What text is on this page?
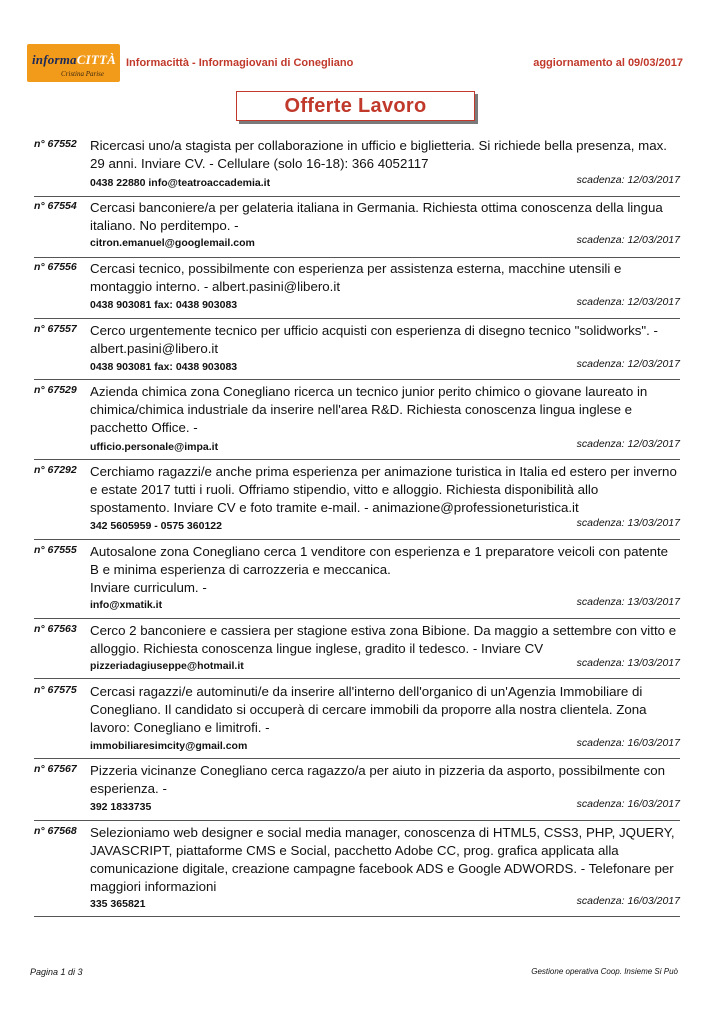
informaCITTÀ
Cristina Parise
Informacittà - Informagiovani di Conegliano	aggiornamento al 09/03/2017
Offerte Lavoro
n° 67552 Ricercasi uno/a stagista per collaborazione in ufficio e biglietteria. Si richiede bella presenza, max. 29 anni. Inviare CV. - Cellulare (solo 16-18): 366 4052117
0438 22880 info@teatroaccademia.it	scadenza: 12/03/2017
n° 67554 Cercasi banconiere/a per gelateria italiana in Germania. Richiesta ottima conoscenza della lingua italiano. No perditempo. -
citron.emanuel@googlemail.com	scadenza: 12/03/2017
n° 67556 Cercasi tecnico, possibilmente con esperienza per assistenza esterna, macchine utensili e montaggio interno. - albert.pasini@libero.it
0438 903081 fax: 0438 903083	scadenza: 12/03/2017
n° 67557 Cerco urgentemente tecnico per ufficio acquisti con esperienza di disegno tecnico "solidworks". - albert.pasini@libero.it
0438 903081 fax: 0438 903083	scadenza: 12/03/2017
n° 67529 Azienda chimica zona Conegliano ricerca un tecnico junior perito chimico o giovane laureato in chimica/chimica industriale da inserire nell'area R&D. Richiesta conoscenza lingua inglese e pacchetto Office. -
ufficio.personale@impa.it	scadenza: 12/03/2017
n° 67292 Cerchiamo ragazzi/e anche prima esperienza per animazione turistica in Italia ed estero per inverno e estate 2017 tutti i ruoli. Offriamo stipendio, vitto e alloggio. Richiesta disponibilità allo spostamento. Inviare CV e foto tramite e-mail. - animazione@professioneturistica.it
342 5605959 - 0575 360122	scadenza: 13/03/2017
n° 67555 Autosalone zona Conegliano cerca 1 venditore con esperienza e 1 preparatore veicoli con patente B e minima esperienza di carrozzeria e meccanica.
Inviare curriculum. -
info@xmatik.it	scadenza: 13/03/2017
n° 67563 Cerco 2 banconiere e cassiera per stagione estiva zona Bibione. Da maggio a settembre con vitto e alloggio. Richiesta conoscenza lingue inglese, gradito il tedesco. - Inviare CV
pizzeriadagiuseppe@hotmail.it	scadenza: 13/03/2017
n° 67575 Cercasi ragazzi/e autominuti/e da inserire all'interno dell'organico di un'Agenzia Immobiliare di Conegliano. Il candidato si occuperà di cercare immobili da proporre alla nostra clientela. Zona lavoro: Conegliano e limitrofi. -
immobiliaresimcity@gmail.com	scadenza: 16/03/2017
n° 67567 Pizzeria vicinanze Conegliano cerca ragazzo/a per aiuto in pizzeria da asporto, possibilmente con esperienza. -
392 1833735	scadenza: 16/03/2017
n° 67568 Selezioniamo web designer e social media manager, conoscenza di HTML5, CSS3, PHP, JQUERY, JAVASCRIPT, piattaforme CMS e Social, pacchetto Adobe CC, prog. grafica applicata alla comunicazione digitale, creazione campagne facebook ADS e Google ADWORDS. - Telefonare per maggiori informazioni
335 365821	scadenza: 16/03/2017
Pagina 1 di 3	Gestione operativa Coop. Insieme Si Può
